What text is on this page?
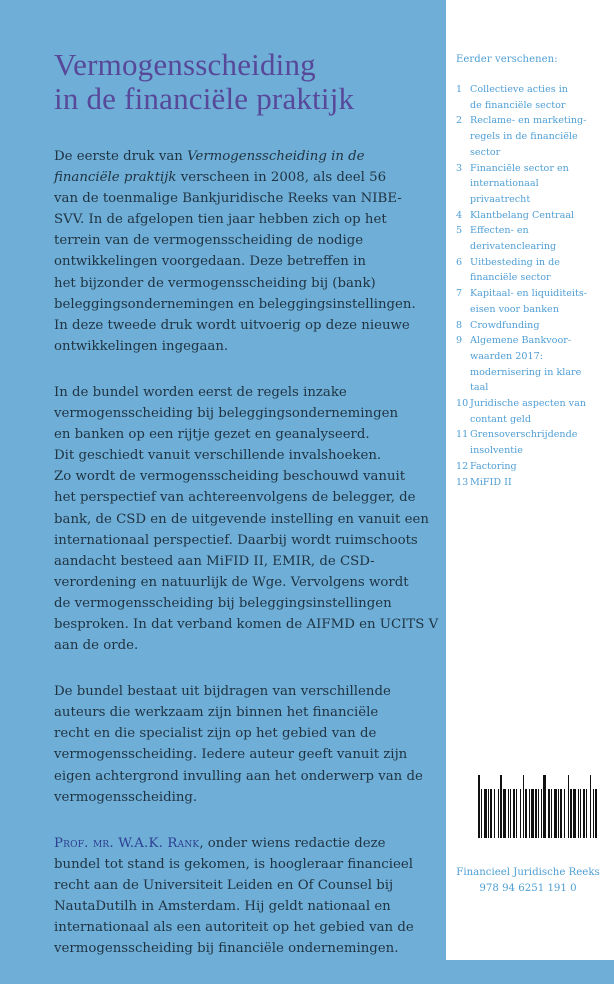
Vermogensscheiding
in de financiële praktijk
De eerste druk van Vermogensscheiding in de
financiële praktijk verscheen in 2008, als deel 56
van de toenmalige Bankjuridische Reeks van NIBE-
SVV. In de afgelopen tien jaar hebben zich op het
terrein van de vermogensscheiding de nodige
ontwikkelingen voorgedaan. Deze betreffen in
het bijzonder de vermogensscheiding bij (bank)
beleggingsondernemingen en beleggingsinstellingen.
In deze tweede druk wordt uitvoerig op deze nieuwe
ontwikkelingen ingegaan.
In de bundel worden eerst de regels inzake
vermogensscheiding bij beleggingsondernemingen
en banken op een rijtje gezet en geanalyseerd.
Dit geschiedt vanuit verschillende invalshoeken.
Zo wordt de vermogensscheiding beschouwd vanuit
het perspectief van achtereenvolgens de belegger, de
bank, de CSD en de uitgevende instelling en vanuit een
internationaal perspectief. Daarbij wordt ruimschoots
aandacht besteed aan MiFID II, EMIR, de CSD-
verordening en natuurlijk de Wge. Vervolgens wordt
de vermogensscheiding bij beleggingsinstellingen
besproken. In dat verband komen de AIFMD en UCITS V
aan de orde.
De bundel bestaat uit bijdragen van verschillende
auteurs die werkzaam zijn binnen het financiële
recht en die specialist zijn op het gebied van de
vermogensscheiding. Iedere auteur geeft vanuit zijn
eigen achtergrond invulling aan het onderwerp van de
vermogensscheiding.
Prof. mr. W.A.K. Rank, onder wiens redactie deze
bundel tot stand is gekomen, is hoogleraar financieel
recht aan de Universiteit Leiden en Of Counsel bij
NautaDutilh in Amsterdam. Hij geldt nationaal en
internationaal als een autoriteit op het gebied van de
vermogensscheiding bij financiële ondernemingen.
Eerder verschenen:
1 Collectieve acties in
de financiële sector
2 Reclame- en marketing-
regels in de financiële
sector
3 Financiële sector en
internationaal
privaatrecht
4 Klantbelang Centraal
5 Effecten- en
derivatenclearing
6 Uitbesteding in de
financiële sector
7 Kapitaal- en liquiditeits-
eisen voor banken
8 Crowdfunding
9 Algemene Bankvoor-
waarden 2017:
modernisering in klare
taal
10 Juridische aspecten van
contant geld
11 Grensoverschrijdende
insolventie
12 Factoring
13 MiFID II
Financieel Juridische Reeks
978 94 6251 191 0
